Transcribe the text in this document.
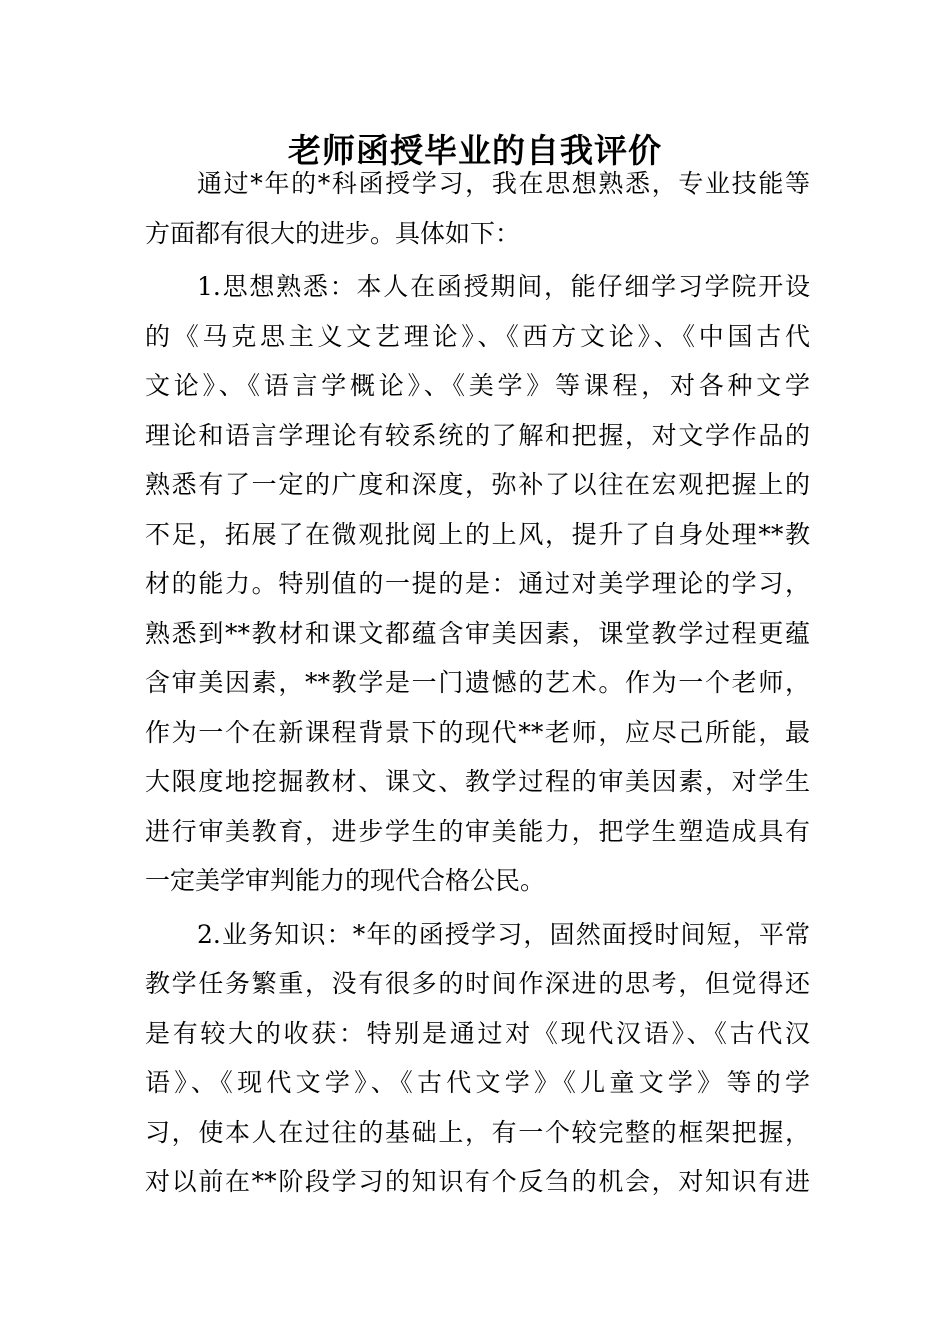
老师函授毕业的自我评价

通过*年的*科函授学习，我在思想熟悉，专业技能等

方面都有很大的进步。具体如下：

1.思想熟悉：本人在函授期间，能仔细学习学院开设

的《马克思主义文艺理论》、《西方文论》、《中国古代

文论》、《语言学概论》、《美学》等课程，对各种文学

理论和语言学理论有较系统的了解和把握，对文学作品的

熟悉有了一定的广度和深度，弥补了以往在宏观把握上的

不足，拓展了在微观批阅上的上风，提升了自身处理**教

材的能力。特别值的一提的是：通过对美学理论的学习，

熟悉到**教材和课文都蕴含审美因素，课堂教学过程更蕴

含审美因素，**教学是一门遗憾的艺术。作为一个老师，

作为一个在新课程背景下的现代**老师，应尽己所能，最

大限度地挖掘教材、课文、教学过程的审美因素，对学生

进行审美教育，进步学生的审美能力，把学生塑造成具有

一定美学审判能力的现代合格公民。

2.业务知识：*年的函授学习，固然面授时间短，平常

教学任务繁重，没有很多的时间作深进的思考，但觉得还

是有较大的收获：特别是通过对《现代汉语》、《古代汉

语》、《现代文学》、《古代文学》《儿童文学》等的学

习，使本人在过往的基础上，有一个较完整的框架把握，

对以前在**阶段学习的知识有个反刍的机会，对知识有进
